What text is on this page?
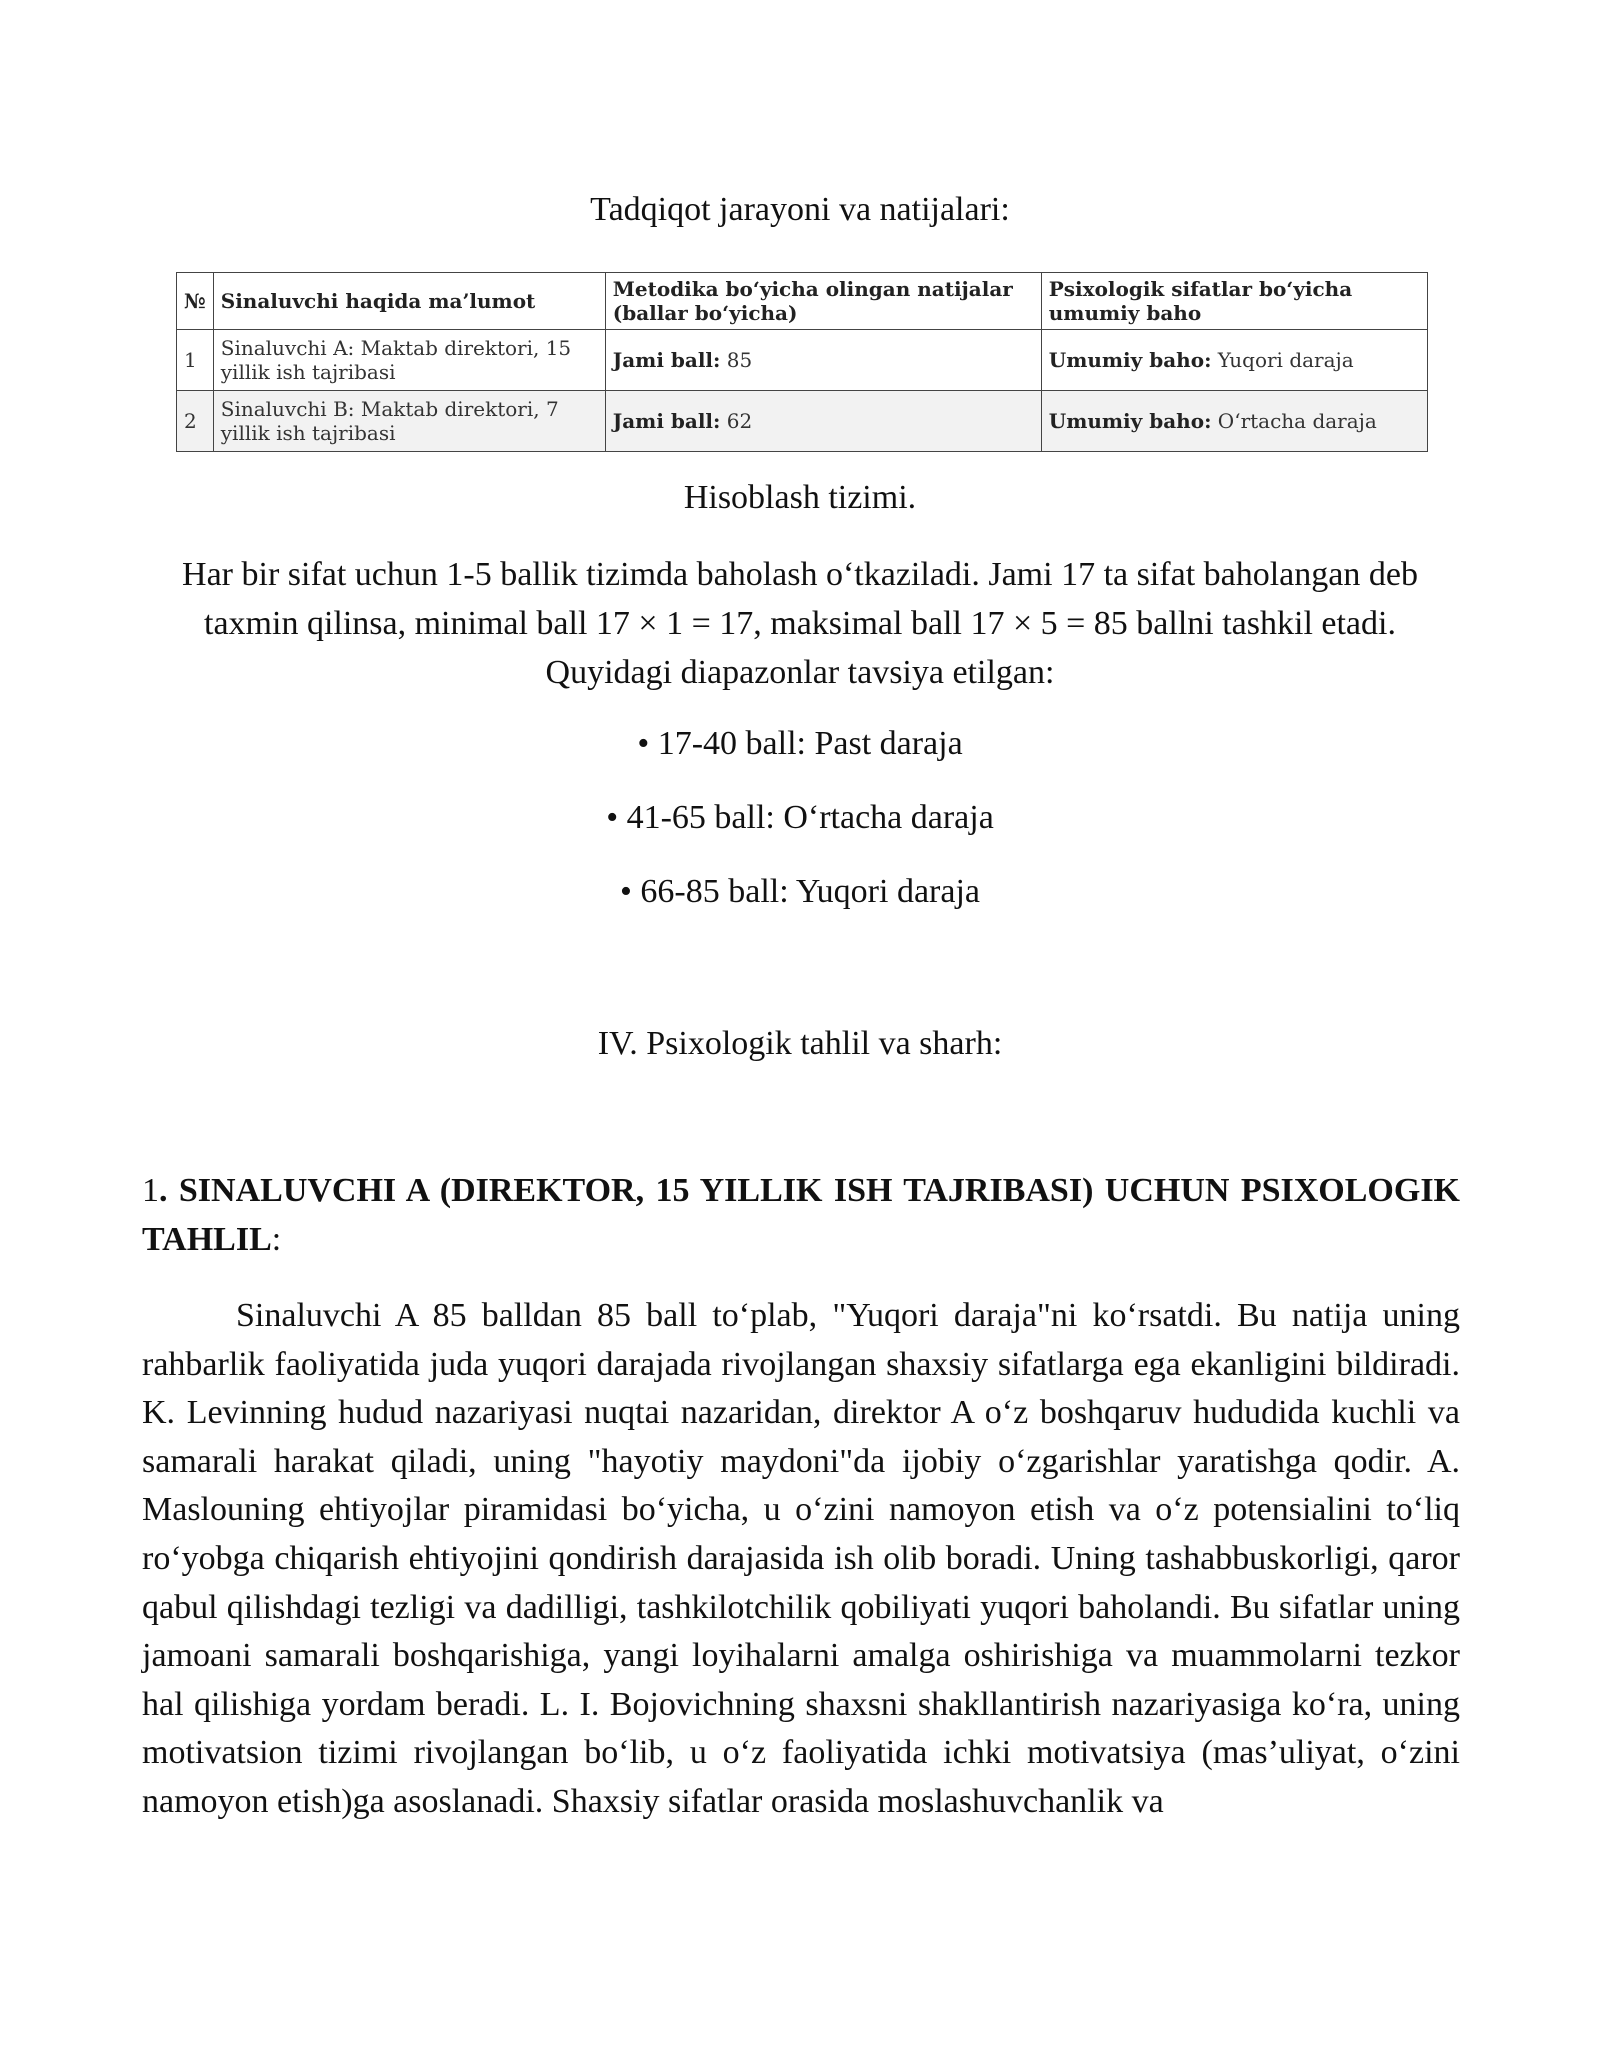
Tadqiqot jarayoni va natijalari:
№	Sinaluvchi haqida ma’lumot	Metodika bo‘yicha olingan natijalar (ballar bo‘yicha)	Psixologik sifatlar bo‘yicha umumiy baho
1	Sinaluvchi A: Maktab direktori, 15 yillik ish tajribasi	Jami ball: 85	Umumiy baho: Yuqori daraja
2	Sinaluvchi B: Maktab direktori, 7 yillik ish tajribasi	Jami ball: 62	Umumiy baho: O‘rtacha daraja
Hisoblash tizimi.
Har bir sifat uchun 1-5 ballik tizimda baholash o‘tkaziladi. Jami 17 ta sifat baholangan deb taxmin qilinsa, minimal ball 17 × 1 = 17, maksimal ball 17 × 5 = 85 ballni tashkil etadi. Quyidagi diapazonlar tavsiya etilgan:
• 17-40 ball: Past daraja
• 41-65 ball: O‘rtacha daraja
• 66-85 ball: Yuqori daraja
IV. Psixologik tahlil va sharh:
1. SINALUVCHI A (DIREKTOR, 15 YILLIK ISH TAJRIBASI) UCHUN PSIXOLOGIK TAHLIL:

Sinaluvchi A 85 balldan 85 ball to‘plab, "Yuqori daraja"ni ko‘rsatdi. Bu natija uning rahbarlik faoliyatida juda yuqori darajada rivojlangan shaxsiy sifatlarga ega ekanligini bildiradi. K. Levinning hudud nazariyasi nuqtai nazaridan, direktor A o‘z boshqaruv hududida kuchli va samarali harakat qiladi, uning "hayotiy maydoni"da ijobiy o‘zgarishlar yaratishga qodir. A. Maslouning ehtiyojlar piramidasi bo‘yicha, u o‘zini namoyon etish va o‘z potensialini to‘liq ro‘yobga chiqarish ehtiyojini qondirish darajasida ish olib boradi. Uning tashabbuskorligi, qaror qabul qilishdagi tezligi va dadilligi, tashkilotchilik qobiliyati yuqori baholandi. Bu sifatlar uning jamoani samarali boshqarishiga, yangi loyihalarni amalga oshirishiga va muammolarni tezkor hal qilishiga yordam beradi. L. I. Bojovichning shaxsni shakllantirish nazariyasiga ko‘ra, uning motivatsion tizimi rivojlangan bo‘lib, u o‘z faoliyatida ichki motivatsiya (mas’uliyat, o‘zini namoyon etish)ga asoslanadi. Shaxsiy sifatlar orasida moslashuvchanlik va
